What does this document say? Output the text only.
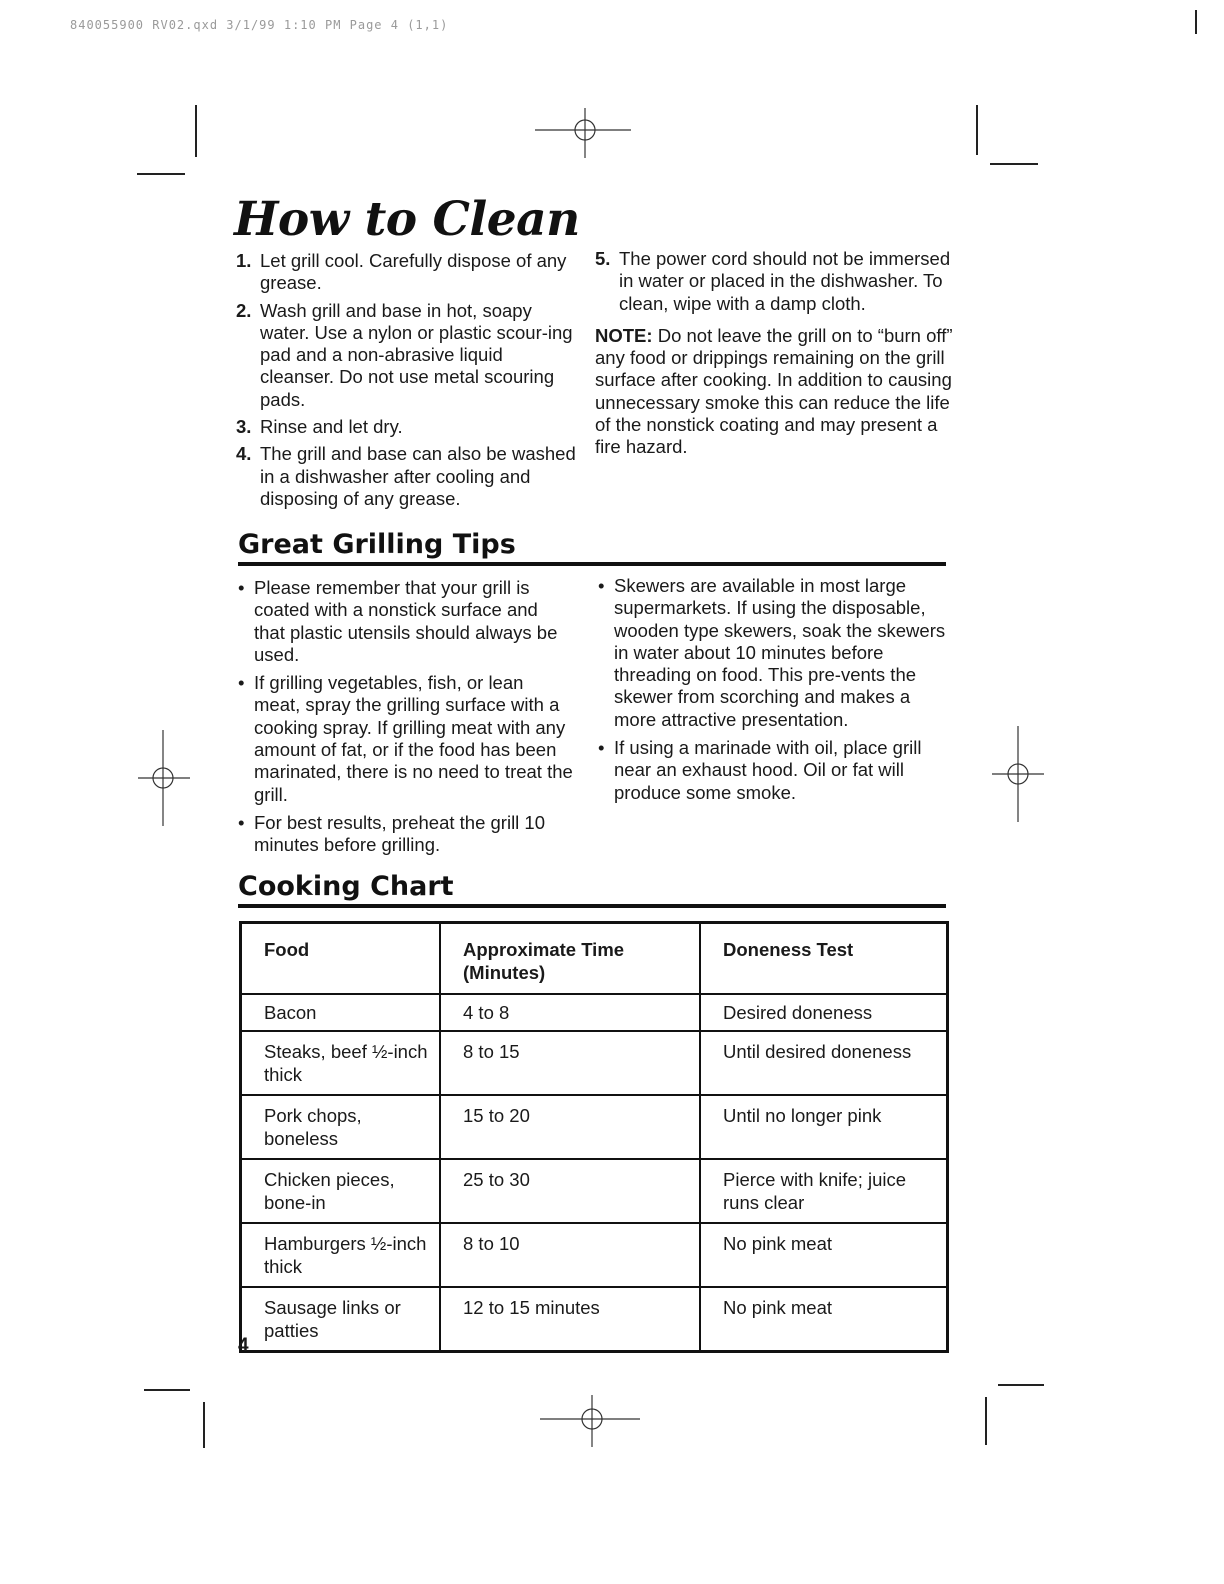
840055900 RV02.qxd 3/1/99 1:10 PM Page 4 (1,1)
How to Clean
1. Let grill cool. Carefully dispose of any grease.
2. Wash grill and base in hot, soapy water. Use a nylon or plastic scour-ing pad and a non-abrasive liquid cleanser. Do not use metal scouring pads.
3. Rinse and let dry.
4. The grill and base can also be washed in a dishwasher after cooling and disposing of any grease.
5. The power cord should not be immersed in water or placed in the dishwasher. To clean, wipe with a damp cloth.

NOTE: Do not leave the grill on to “burn off” any food or drippings remaining on the grill surface after cooking. In addition to causing unnecessary smoke this can reduce the life of the nonstick coating and may present a fire hazard.

Great Grilling Tips
• Please remember that your grill is coated with a nonstick surface and that plastic utensils should always be used.
• If grilling vegetables, fish, or lean meat, spray the grilling surface with a cooking spray. If grilling meat with any amount of fat, or if the food has been marinated, there is no need to treat the grill.
• For best results, preheat the grill 10 minutes before grilling.
• Skewers are available in most large supermarkets. If using the disposable, wooden type skewers, soak the skewers in water about 10 minutes before threading on food. This pre-vents the skewer from scorching and makes a more attractive presentation.
• If using a marinade with oil, place grill near an exhaust hood. Oil or fat will produce some smoke.
Cooking Chart
Food	Approximate Time (Minutes)	Doneness Test
Bacon	4 to 8	Desired doneness
Steaks, beef ½-inch thick	8 to 15	Until desired doneness
Pork chops, boneless	15 to 20	Until no longer pink
Chicken pieces, bone-in	25 to 30	Pierce with knife; juice runs clear
Hamburgers ½-inch thick	8 to 10	No pink meat
Sausage links or patties	12 to 15 minutes	No pink meat
4
